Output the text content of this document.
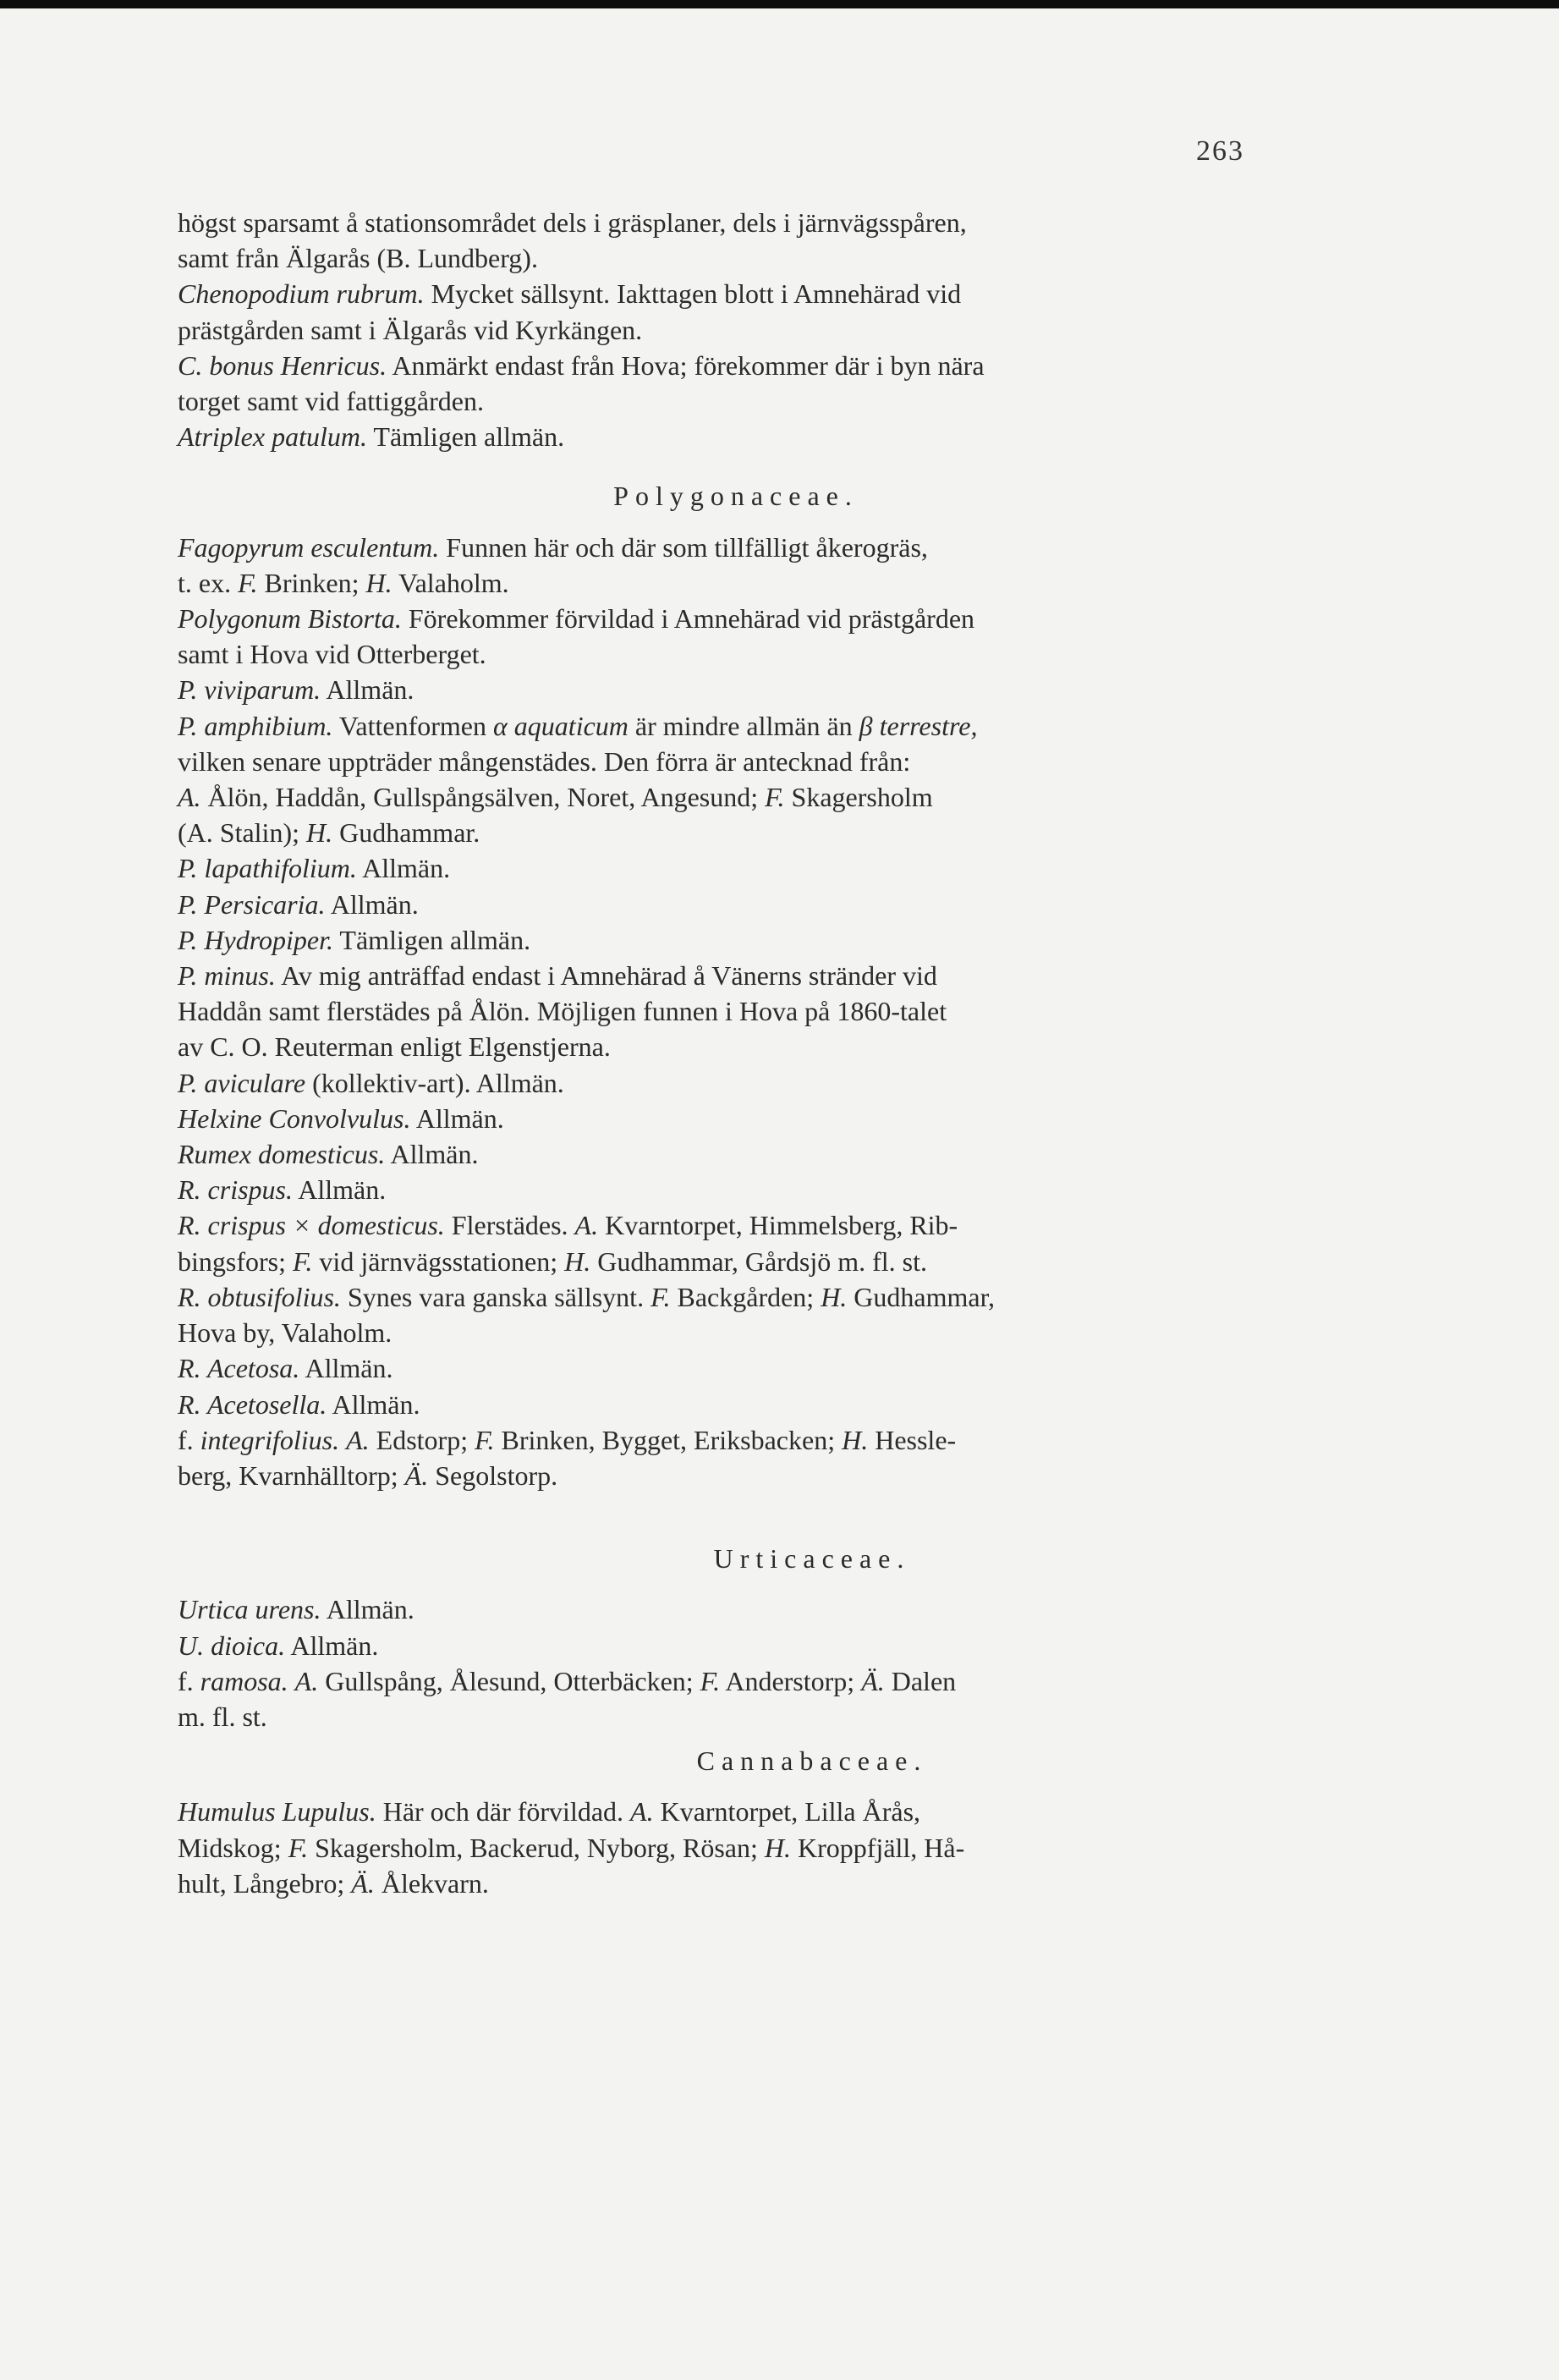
263
högst sparsamt å stationsområdet dels i gräsplaner, dels i järnvägsspåren,
samt från Älgarås (B. Lundberg).
Chenopodium rubrum. Mycket sällsynt. Iakttagen blott i Amnehärad vid
prästgården samt i Älgarås vid Kyrkängen.
C. bonus Henricus. Anmärkt endast från Hova; förekommer där i byn nära
torget samt vid fattiggården.
Atriplex patulum. Tämligen allmän.
Polygonaceae.
Fagopyrum esculentum. Funnen här och där som tillfälligt åkerogräs,
t. ex. F. Brinken; H. Valaholm.
Polygonum Bistorta. Förekommer förvildad i Amnehärad vid prästgården
samt i Hova vid Otterberget.
P. viviparum. Allmän.
P. amphibium. Vattenformen α aquaticum är mindre allmän än β terrestre,
vilken senare uppträder mångenstädes. Den förra är antecknad från:
A. Ålön, Haddån, Gullspångsälven, Noret, Angesund; F. Skagersholm
(A. Stalin); H. Gudhammar.
P. lapathifolium. Allmän.
P. Persicaria. Allmän.
P. Hydropiper. Tämligen allmän.
P. minus. Av mig anträffad endast i Amnehärad å Vänerns stränder vid
Haddån samt flerstädes på Ålön. Möjligen funnen i Hova på 1860-talet
av C. O. Reuterman enligt Elgenstjerna.
P. aviculare (kollektiv-art). Allmän.
Helxine Convolvulus. Allmän.
Rumex domesticus. Allmän.
R. crispus. Allmän.
R. crispus × domesticus. Flerstädes. A. Kvarntorpet, Himmelsberg, Rib-
bingsfors; F. vid järnvägsstationen; H. Gudhammar, Gårdsjö m. fl. st.
R. obtusifolius. Synes vara ganska sällsynt. F. Backgården; H. Gudhammar,
Hova by, Valaholm.
R. Acetosa. Allmän.
R. Acetosella. Allmän.
f. integrifolius. A. Edstorp; F. Brinken, Bygget, Eriksbacken; H. Hessle-
berg, Kvarnhälltorp; Ä. Segolstorp.
Urticaceae.
Urtica urens. Allmän.
U. dioica. Allmän.
f. ramosa. A. Gullspång, Ålesund, Otterbäcken; F. Anderstorp; Ä. Dalen
m. fl. st.
Cannabaceae.
Humulus Lupulus. Här och där förvildad. A. Kvarntorpet, Lilla Årås,
Midskog; F. Skagersholm, Backerud, Nyborg, Rösan; H. Kroppfjäll, Hå-
hult, Långebro; Ä. Ålekvarn.
